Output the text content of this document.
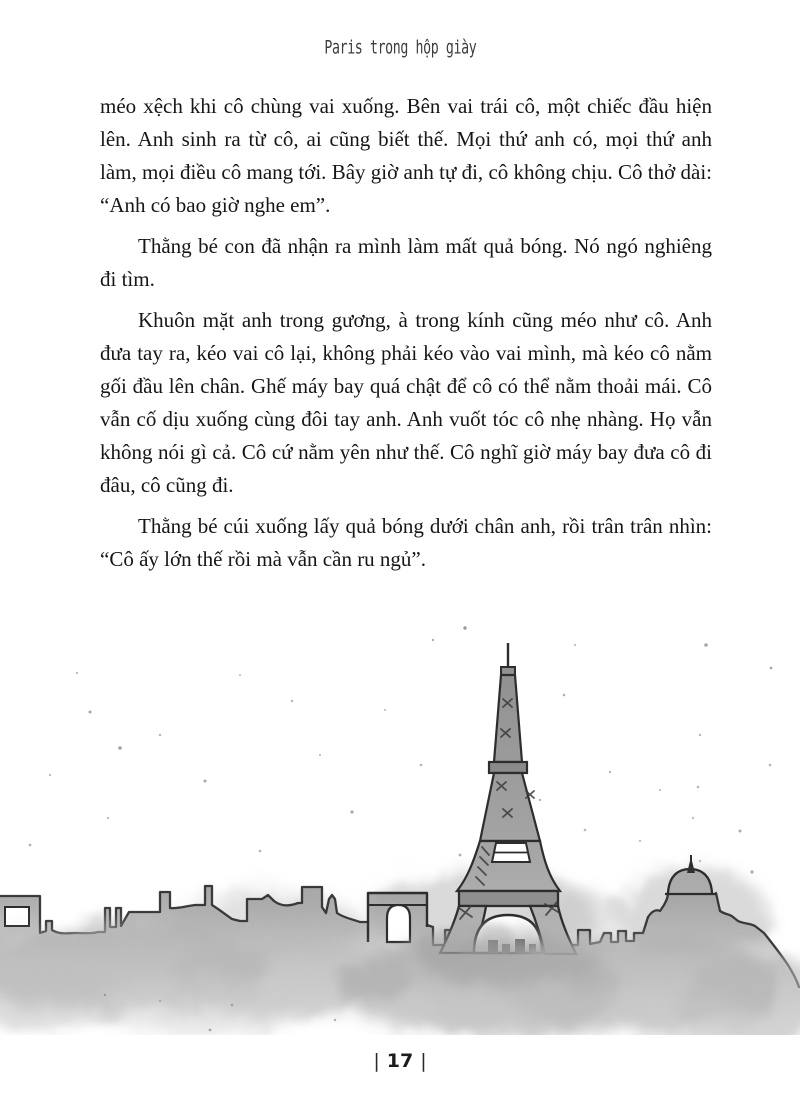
Paris trong hộp giày

méo xệch khi cô chùng vai xuống. Bên vai trái cô, một chiếc đầu hiện lên. Anh sinh ra từ cô, ai cũng biết thế. Mọi thứ anh có, mọi thứ anh làm, mọi điều cô mang tới. Bây giờ anh tự đi, cô không chịu. Cô thở dài: “Anh có bao giờ nghe em”.

Thằng bé con đã nhận ra mình làm mất quả bóng. Nó ngó nghiêng đi tìm.

Khuôn mặt anh trong gương, à trong kính cũng méo như cô. Anh đưa tay ra, kéo vai cô lại, không phải kéo vào vai mình, mà kéo cô nằm gối đầu lên chân. Ghế máy bay quá chật để cô có thể nằm thoải mái. Cô vẫn cố dịu xuống cùng đôi tay anh. Anh vuốt tóc cô nhẹ nhàng. Họ vẫn không nói gì cả. Cô cứ nằm yên như thế. Cô nghĩ giờ máy bay đưa cô đi đâu, cô cũng đi.

Thằng bé cúi xuống lấy quả bóng dưới chân anh, rồi trân trân nhìn: “Cô ấy lớn thế rồi mà vẫn cần ru ngủ”.

| 17 |
